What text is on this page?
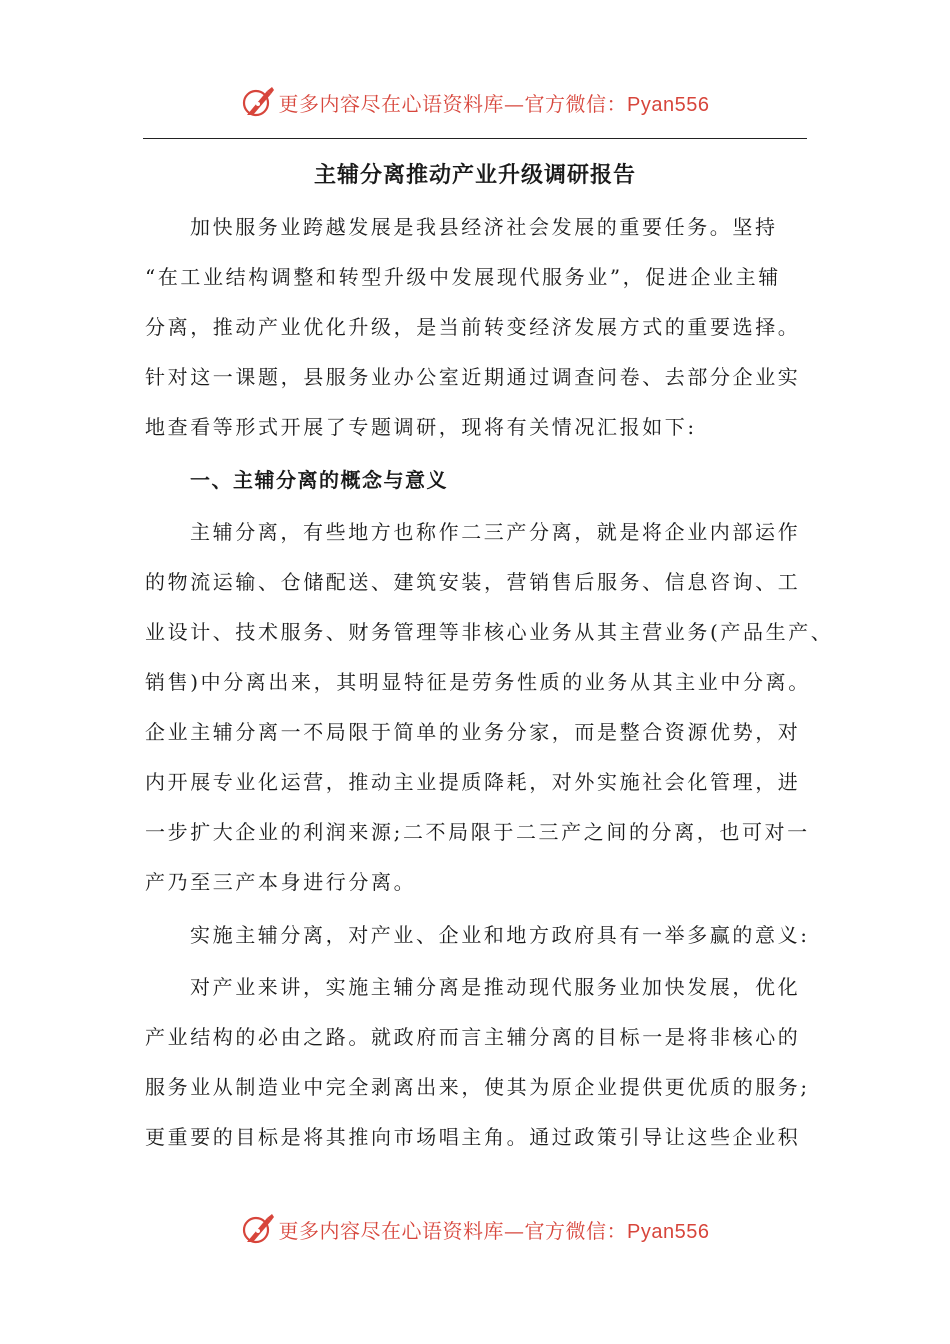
更多内容尽在心语资料库—官方微信：Pyan556
主辅分离推动产业升级调研报告
加快服务业跨越发展是我县经济社会发展的重要任务。坚持
“在工业结构调整和转型升级中发展现代服务业”，促进企业主辅
分离，推动产业优化升级，是当前转变经济发展方式的重要选择。
针对这一课题，县服务业办公室近期通过调查问卷、去部分企业实
地查看等形式开展了专题调研，现将有关情况汇报如下:
一、主辅分离的概念与意义
主辅分离，有些地方也称作二三产分离，就是将企业内部运作
的物流运输、仓储配送、建筑安装，营销售后服务、信息咨询、工
业设计、技术服务、财务管理等非核心业务从其主营业务(产品生产、
销售)中分离出来，其明显特征是劳务性质的业务从其主业中分离。
企业主辅分离一不局限于简单的业务分家，而是整合资源优势，对
内开展专业化运营，推动主业提质降耗，对外实施社会化管理，进
一步扩大企业的利润来源;二不局限于二三产之间的分离，也可对一
产乃至三产本身进行分离。
实施主辅分离，对产业、企业和地方政府具有一举多赢的意义:
对产业来讲，实施主辅分离是推动现代服务业加快发展，优化
产业结构的必由之路。就政府而言主辅分离的目标一是将非核心的
服务业从制造业中完全剥离出来，使其为原企业提供更优质的服务;
更重要的目标是将其推向市场唱主角。通过政策引导让这些企业积
更多内容尽在心语资料库—官方微信：Pyan556
